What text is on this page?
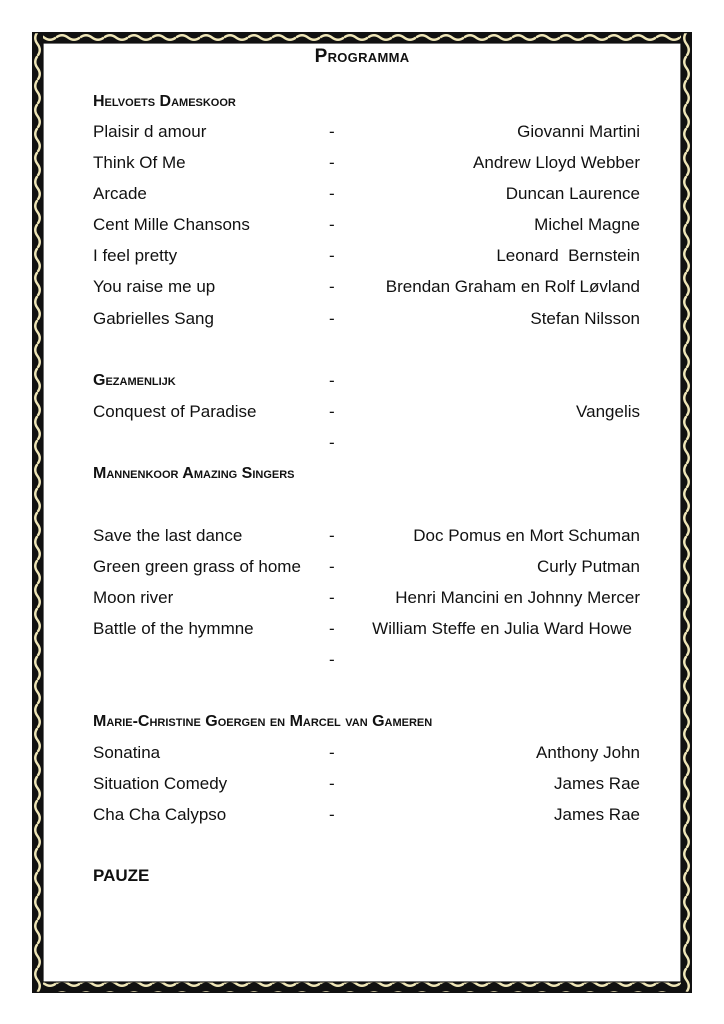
Programma
Helvoets Dameskoor
Plaisir d amour	-	Giovanni Martini
Think Of Me	-	Andrew Lloyd Webber
Arcade	-	Duncan Laurence
Cent Mille Chansons	-	Michel Magne
I feel pretty	-	Leonard  Bernstein
You raise me up	-	Brendan Graham en Rolf Løvland
Gabrielles Sang	-	Stefan Nilsson
Gezamenlijk	-
Conquest of Paradise	-	Vangelis
-
Mannenkoor Amazing Singers
Save the last dance	-	Doc Pomus en Mort Schuman
Green green grass of home -	Curly Putman
Moon river	-	Henri Mancini en Johnny Mercer
Battle of the hymmne	- William Steffe en Julia Ward Howe
-
Marie-Christine Goergen en Marcel van Gameren
Sonatina	-	Anthony John
Situation Comedy	-	James Rae
Cha Cha Calypso	-	James Rae
PAUZE
